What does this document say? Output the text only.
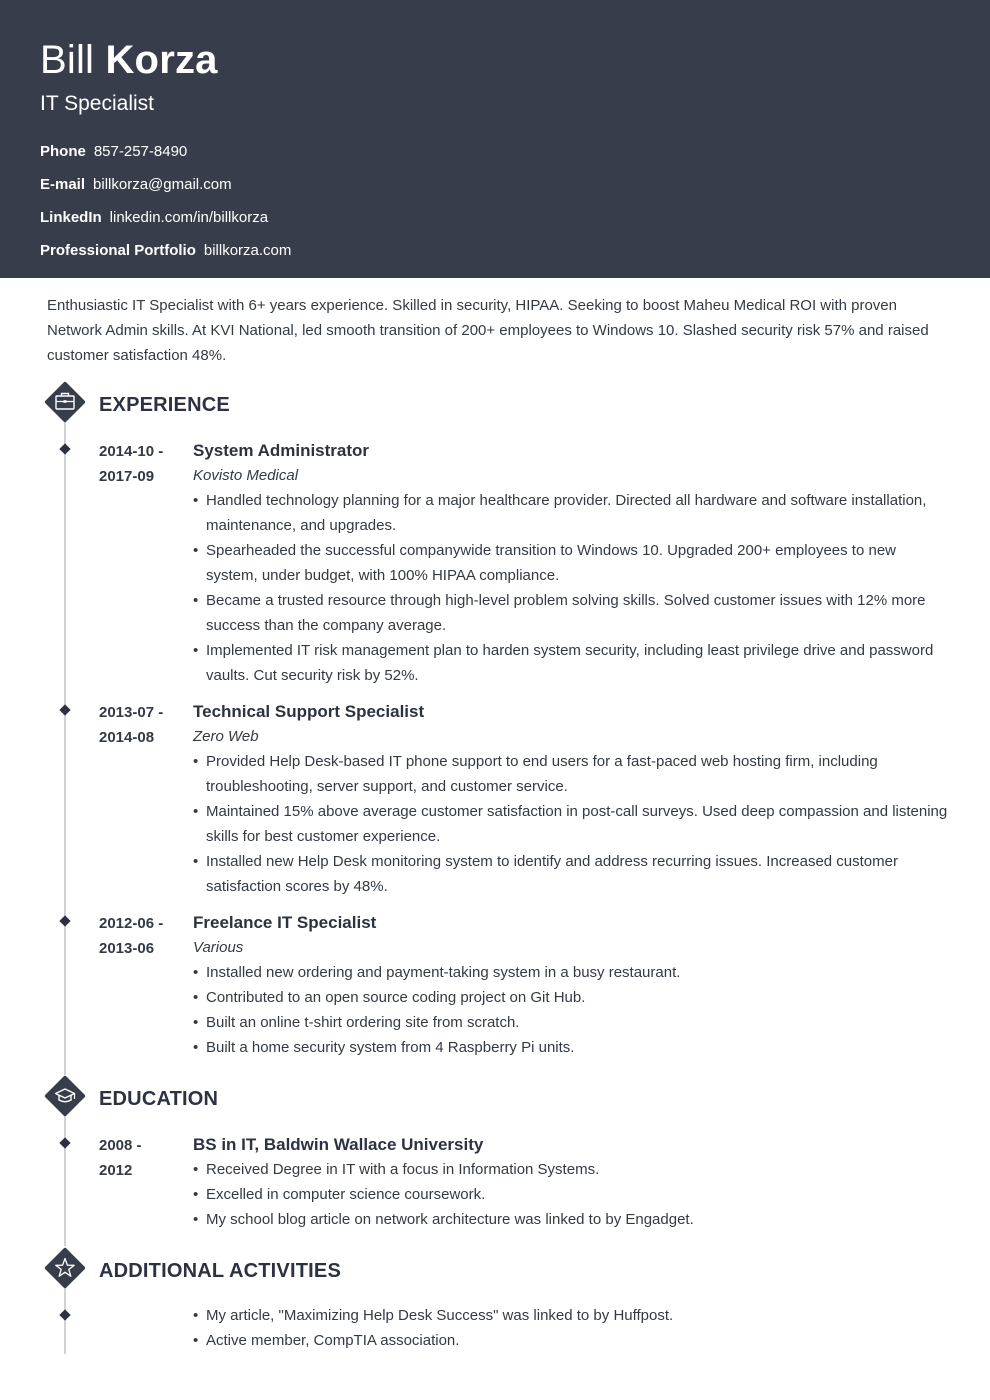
Bill Korza
IT Specialist
Phone 857-257-8490
E-mail billkorza@gmail.com
LinkedIn linkedin.com/in/billkorza
Professional Portfolio billkorza.com

Enthusiastic IT Specialist with 6+ years experience. Skilled in security, HIPAA. Seeking to boost Maheu Medical ROI with proven Network Admin skills. At KVI National, led smooth transition of 200+ employees to Windows 10. Slashed security risk 57% and raised customer satisfaction 48%.

EXPERIENCE
2014-10 -
2017-09
System Administrator
Kovisto Medical
• Handled technology planning for a major healthcare provider. Directed all hardware and software installation, maintenance, and upgrades.
• Spearheaded the successful companywide transition to Windows 10. Upgraded 200+ employees to new system, under budget, with 100% HIPAA compliance.
• Became a trusted resource through high-level problem solving skills. Solved customer issues with 12% more success than the company average.
• Implemented IT risk management plan to harden system security, including least privilege drive and password vaults. Cut security risk by 52%.
2013-07 -
2014-08
Technical Support Specialist
Zero Web
• Provided Help Desk-based IT phone support to end users for a fast-paced web hosting firm, including troubleshooting, server support, and customer service.
• Maintained 15% above average customer satisfaction in post-call surveys. Used deep compassion and listening skills for best customer experience.
• Installed new Help Desk monitoring system to identify and address recurring issues. Increased customer satisfaction scores by 48%.
2012-06 -
2013-06
Freelance IT Specialist
Various
• Installed new ordering and payment-taking system in a busy restaurant.
• Contributed to an open source coding project on Git Hub.
• Built an online t-shirt ordering site from scratch.
• Built a home security system from 4 Raspberry Pi units.
EDUCATION
2008 -
2012
BS in IT, Baldwin Wallace University
• Received Degree in IT with a focus in Information Systems.
• Excelled in computer science coursework.
• My school blog article on network architecture was linked to by Engadget.
ADDITIONAL ACTIVITIES
• My article, "Maximizing Help Desk Success" was linked to by Huffpost.
• Active member, CompTIA association.
